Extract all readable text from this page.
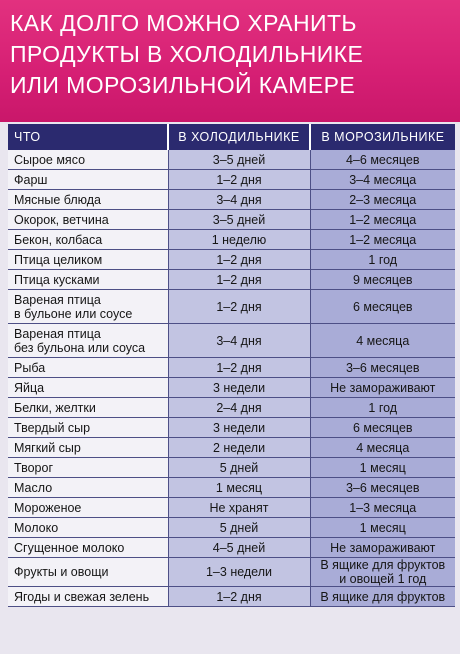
КАК ДОЛГО МОЖНО ХРАНИТЬ
ПРОДУКТЫ В ХОЛОДИЛЬНИКЕ
ИЛИ МОРОЗИЛЬНОЙ КАМЕРЕ
ЧТО	В ХОЛОДИЛЬНИКЕ	В МОРОЗИЛЬНИКЕ

Сырое мясо	3–5 дней	4–6 месяцев

Фарш	1–2 дня	3–4 месяца

Мясные блюда	3–4 дня	2–3 месяца

Окорок, ветчина	3–5 дней	1–2 месяца

Бекон, колбаса	1 неделю	1–2 месяца

Птица целиком	1–2 дня	1 год

Птица кусками	1–2 дня	9 месяцев

Вареная птица
в бульоне или соусе	1–2 дня	6 месяцев

Вареная птица
без бульона или соуса	3–4 дня	4 месяца

Рыба	1–2 дня	3–6 месяцев

Яйца	3 недели	Не замораживают

Белки, желтки	2–4 дня	1 год

Твердый сыр	3 недели	6 месяцев

Мягкий сыр	2 недели	4 месяца

Творог	5 дней	1 месяц

Масло	1 месяц	3–6 месяцев

Мороженое	Не хранят	1–3 месяца

Молоко	5 дней	1 месяц

Сгущенное молоко	4–5 дней	Не замораживают

Фрукты и овощи	1–3 недели	В ящике для фруктов и овощей 1 год

Ягоды и свежая зелень	1–2 дня	В ящике для фруктов
